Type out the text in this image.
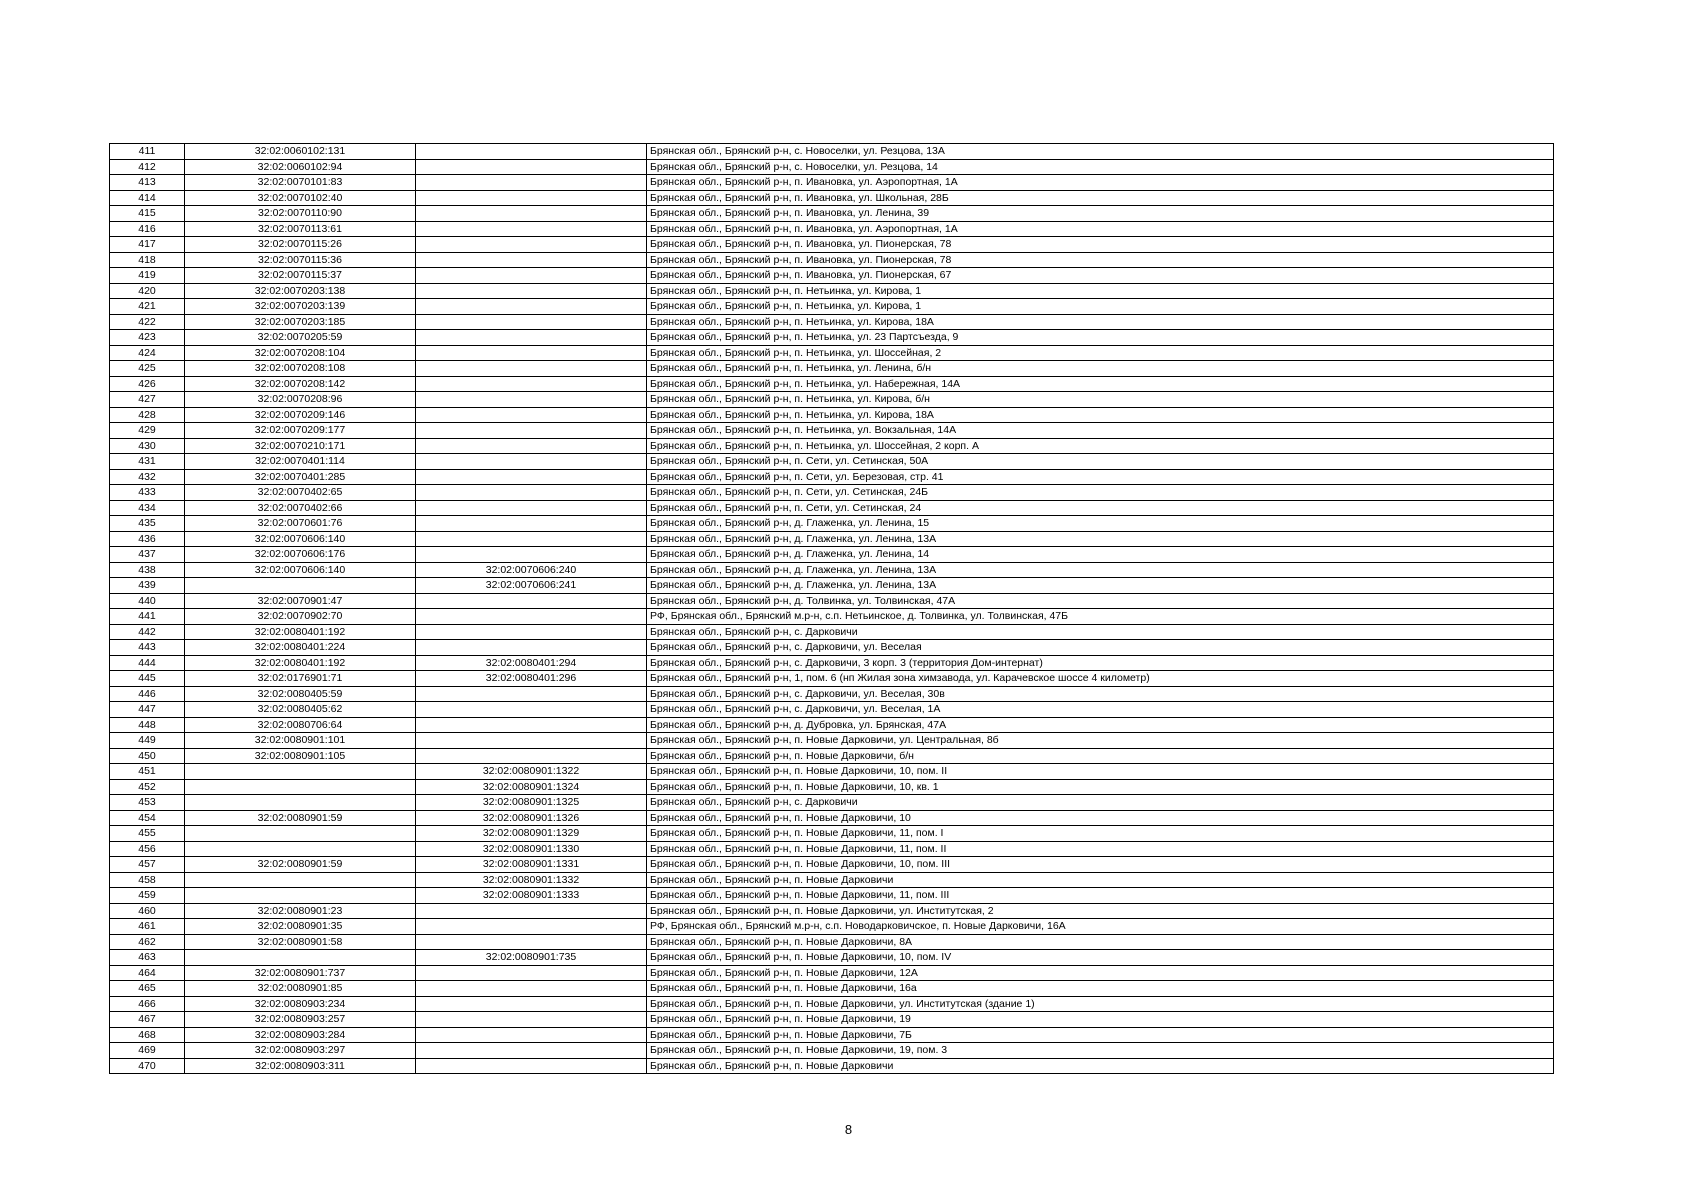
411	32:02:0060102:131		Брянская обл., Брянский р-н, с. Новоселки, ул. Резцова, 13А
412	32:02:0060102:94		Брянская обл., Брянский р-н, с. Новоселки, ул. Резцова, 14
413	32:02:0070101:83		Брянская обл., Брянский р-н, п. Ивановка, ул. Аэропортная, 1А
414	32:02:0070102:40		Брянская обл., Брянский р-н, п. Ивановка, ул. Школьная, 28Б
415	32:02:0070110:90		Брянская обл., Брянский р-н, п. Ивановка, ул. Ленина, 39
416	32:02:0070113:61		Брянская обл., Брянский р-н, п. Ивановка, ул. Аэропортная, 1А
417	32:02:0070115:26		Брянская обл., Брянский р-н, п. Ивановка, ул. Пионерская, 78
418	32:02:0070115:36		Брянская обл., Брянский р-н, п. Ивановка, ул. Пионерская, 78
419	32:02:0070115:37		Брянская обл., Брянский р-н, п. Ивановка, ул. Пионерская, 67
420	32:02:0070203:138		Брянская обл., Брянский р-н, п. Нетьинка, ул. Кирова, 1
421	32:02:0070203:139		Брянская обл., Брянский р-н, п. Нетьинка, ул. Кирова, 1
422	32:02:0070203:185		Брянская обл., Брянский р-н, п. Нетьинка, ул. Кирова, 18А
423	32:02:0070205:59		Брянская обл., Брянский р-н, п. Нетьинка, ул. 23 Партсъезда, 9
424	32:02:0070208:104		Брянская обл., Брянский р-н, п. Нетьинка, ул. Шоссейная, 2
425	32:02:0070208:108		Брянская обл., Брянский р-н, п. Нетьинка, ул. Ленина, б/н
426	32:02:0070208:142		Брянская обл., Брянский р-н, п. Нетьинка, ул. Набережная, 14А
427	32:02:0070208:96		Брянская обл., Брянский р-н, п. Нетьинка, ул. Кирова, б/н
428	32:02:0070209:146		Брянская обл., Брянский р-н, п. Нетьинка, ул. Кирова, 18А
429	32:02:0070209:177		Брянская обл., Брянский р-н, п. Нетьинка, ул. Вокзальная, 14А
430	32:02:0070210:171		Брянская обл., Брянский р-н, п. Нетьинка, ул. Шоссейная, 2 корп. А
431	32:02:0070401:114		Брянская обл., Брянский р-н, п. Сети, ул. Сетинская, 50А
432	32:02:0070401:285		Брянская обл., Брянский р-н, п. Сети, ул. Березовая, стр. 41
433	32:02:0070402:65		Брянская обл., Брянский р-н, п. Сети, ул. Сетинская, 24Б
434	32:02:0070402:66		Брянская обл., Брянский р-н, п. Сети, ул. Сетинская, 24
435	32:02:0070601:76		Брянская обл., Брянский р-н, д. Глаженка, ул. Ленина, 15
436	32:02:0070606:140		Брянская обл., Брянский р-н, д. Глаженка, ул. Ленина, 13А
437	32:02:0070606:176		Брянская обл., Брянский р-н, д. Глаженка, ул. Ленина, 14
438	32:02:0070606:140	32:02:0070606:240	Брянская обл., Брянский р-н, д. Глаженка, ул. Ленина, 13А
439		32:02:0070606:241	Брянская обл., Брянский р-н, д. Глаженка, ул. Ленина, 13А
440	32:02:0070901:47		Брянская обл., Брянский р-н, д. Толвинка, ул. Толвинская, 47А
441	32:02:0070902:70		РФ, Брянская обл., Брянский м.р-н, с.п. Нетьинское, д. Толвинка, ул. Толвинская, 47Б
442	32:02:0080401:192		Брянская обл., Брянский р-н, с. Дарковичи
443	32:02:0080401:224		Брянская обл., Брянский р-н, с. Дарковичи, ул. Веселая
444	32:02:0080401:192	32:02:0080401:294	Брянская обл., Брянский р-н, с. Дарковичи, 3 корп. 3 (территория Дом-интернат)
445	32:02:0176901:71	32:02:0080401:296	Брянская обл., Брянский р-н, 1, пом. 6 (нп Жилая зона химзавода, ул. Карачевское шоссе 4 километр)
446	32:02:0080405:59		Брянская обл., Брянский р-н, с. Дарковичи, ул. Веселая, 30в
447	32:02:0080405:62		Брянская обл., Брянский р-н, с. Дарковичи, ул. Веселая, 1А
448	32:02:0080706:64		Брянская обл., Брянский р-н, д. Дубровка, ул. Брянская, 47А
449	32:02:0080901:101		Брянская обл., Брянский р-н, п. Новые Дарковичи, ул. Центральная, 8б
450	32:02:0080901:105		Брянская обл., Брянский р-н, п. Новые Дарковичи, б/н
451		32:02:0080901:1322	Брянская обл., Брянский р-н, п. Новые Дарковичи, 10, пом. II
452		32:02:0080901:1324	Брянская обл., Брянский р-н, п. Новые Дарковичи, 10, кв. 1
453		32:02:0080901:1325	Брянская обл., Брянский р-н, с. Дарковичи
454	32:02:0080901:59	32:02:0080901:1326	Брянская обл., Брянский р-н, п. Новые Дарковичи, 10
455		32:02:0080901:1329	Брянская обл., Брянский р-н, п. Новые Дарковичи, 11, пом. I
456		32:02:0080901:1330	Брянская обл., Брянский р-н, п. Новые Дарковичи, 11, пом. II
457	32:02:0080901:59	32:02:0080901:1331	Брянская обл., Брянский р-н, п. Новые Дарковичи, 10, пом. III
458		32:02:0080901:1332	Брянская обл., Брянский р-н, п. Новые Дарковичи
459		32:02:0080901:1333	Брянская обл., Брянский р-н, п. Новые Дарковичи, 11, пом. III
460	32:02:0080901:23		Брянская обл., Брянский р-н, п. Новые Дарковичи, ул. Институтская, 2
461	32:02:0080901:35		РФ, Брянская обл., Брянский м.р-н, с.п. Новодарковичское, п. Новые Дарковичи, 16А
462	32:02:0080901:58		Брянская обл., Брянский р-н, п. Новые Дарковичи, 8А
463		32:02:0080901:735	Брянская обл., Брянский р-н, п. Новые Дарковичи, 10, пом. IV
464	32:02:0080901:737		Брянская обл., Брянский р-н, п. Новые Дарковичи, 12А
465	32:02:0080901:85		Брянская обл., Брянский р-н, п. Новые Дарковичи, 16а
466	32:02:0080903:234		Брянская обл., Брянский р-н, п. Новые Дарковичи, ул. Институтская (здание 1)
467	32:02:0080903:257		Брянская обл., Брянский р-н, п. Новые Дарковичи, 19
468	32:02:0080903:284		Брянская обл., Брянский р-н, п. Новые Дарковичи, 7Б
469	32:02:0080903:297		Брянская обл., Брянский р-н, п. Новые Дарковичи, 19, пом. 3
470	32:02:0080903:311		Брянская обл., Брянский р-н, п. Новые Дарковичи
8
